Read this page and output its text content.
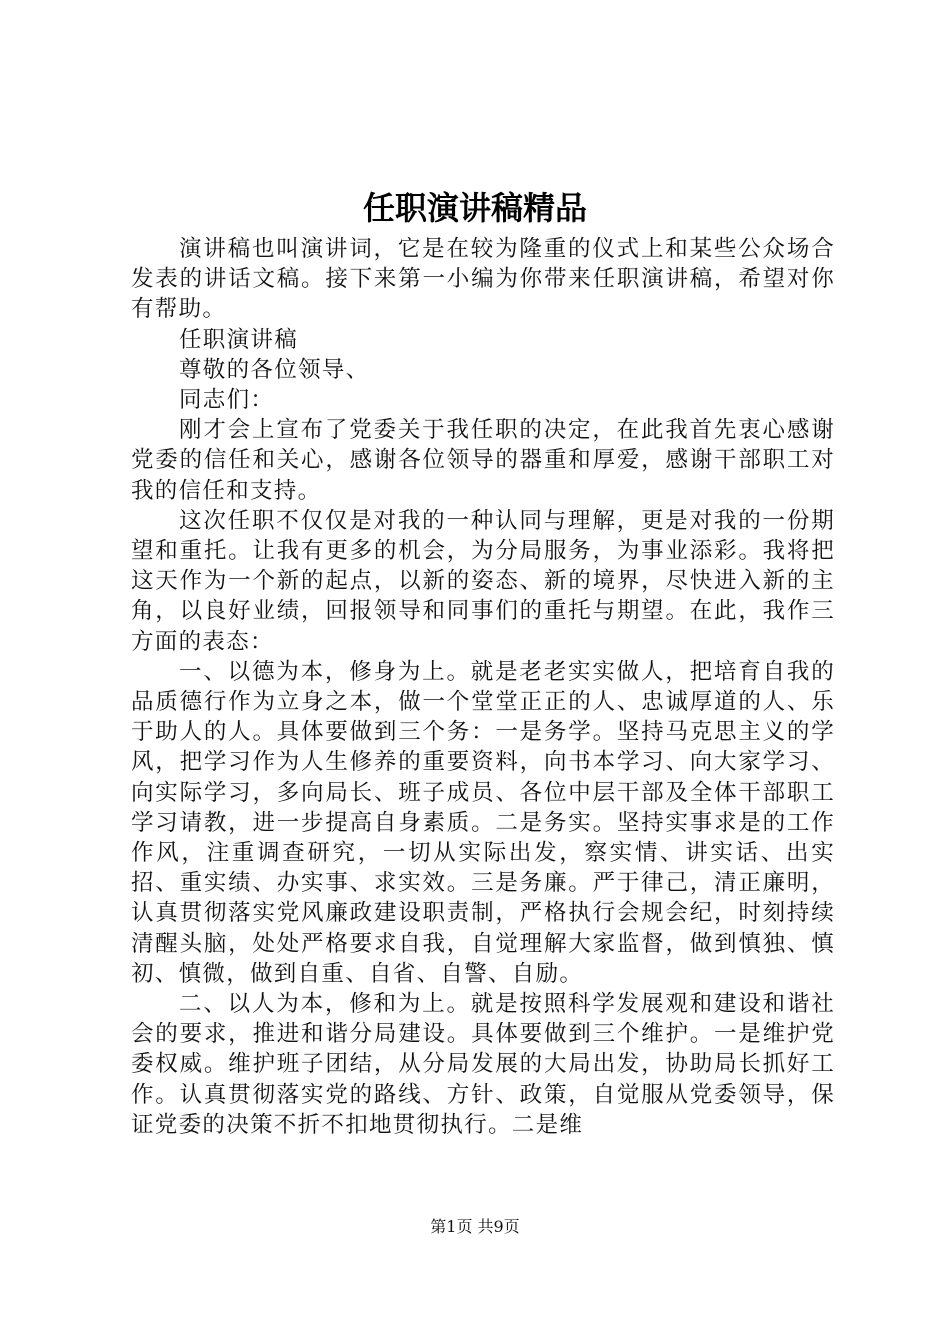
任职演讲稿精品

演讲稿也叫演讲词，它是在较为隆重的仪式上和某些公众场合发表的讲话文稿。接下来第一小编为你带来任职演讲稿，希望对你有帮助。

任职演讲稿

尊敬的各位领导、

同志们：

刚才会上宣布了党委关于我任职的决定，在此我首先衷心感谢党委的信任和关心，感谢各位领导的器重和厚爱，感谢干部职工对我的信任和支持。

这次任职不仅仅是对我的一种认同与理解，更是对我的一份期望和重托。让我有更多的机会，为分局服务，为事业添彩。我将把这天作为一个新的起点，以新的姿态、新的境界，尽快进入新的主角，以良好业绩，回报领导和同事们的重托与期望。在此，我作三方面的表态：

一、以德为本，修身为上。就是老老实实做人，把培育自我的品质德行作为立身之本，做一个堂堂正正的人、忠诚厚道的人、乐于助人的人。具体要做到三个务：一是务学。坚持马克思主义的学风，把学习作为人生修养的重要资料，向书本学习、向大家学习、向实际学习，多向局长、班子成员、各位中层干部及全体干部职工学习请教，进一步提高自身素质。二是务实。坚持实事求是的工作作风，注重调查研究，一切从实际出发，察实情、讲实话、出实招、重实绩、办实事、求实效。三是务廉。严于律己，清正廉明，认真贯彻落实党风廉政建设职责制，严格执行会规会纪，时刻持续清醒头脑，处处严格要求自我，自觉理解大家监督，做到慎独、慎初、慎微，做到自重、自省、自警、自励。

二、以人为本，修和为上。就是按照科学发展观和建设和谐社会的要求，推进和谐分局建设。具体要做到三个维护。一是维护党委权威。维护班子团结，从分局发展的大局出发，协助局长抓好工作。认真贯彻落实党的路线、方针、政策，自觉服从党委领导，保证党委的决策不折不扣地贯彻执行。二是维

第1页 共9页
